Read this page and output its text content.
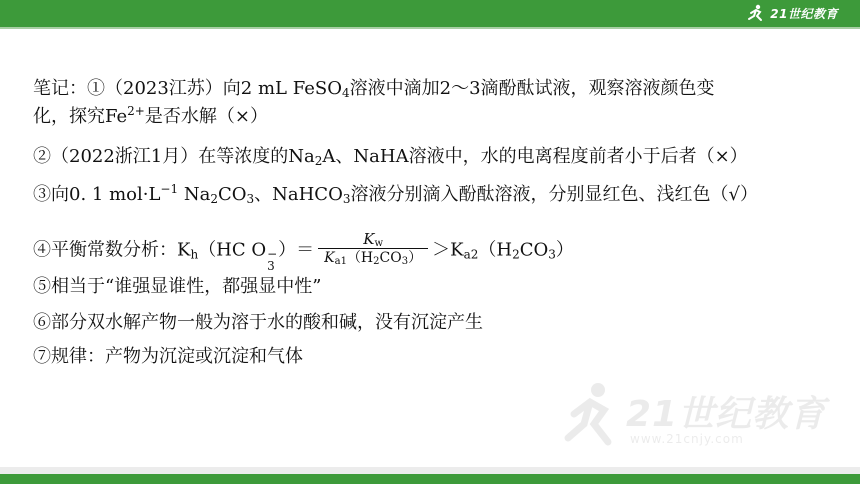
21世纪教育
21世纪教育
www.21cnjy.com
笔记：①（2023江苏）向2 mL FeSO$_4$溶液中滴加2～3滴酚酞试液，观察溶液颜色变
化，探究$Fe^{2+}$是否水解（×）
②（2022浙江1月）在等浓度的$Na_2A$、NaHA溶液中，水的电离程度前者小于后者（×）
③向0. 1 $mol\cdot L^{-1}$ $Na_2CO_3$、NaHCO$_3$溶液分别滴入酚酞溶液，分别显红色、浅红色（√）
④平衡常数分析：$K_h(HC$ O −
3
）＝ $\frac{K_w}{K_{a1}(H_2CO_3)} >K_{a2}(H_2CO_3)$
⑤相当于“谁强显谁性，都强显中性”
⑥部分双水解产物一般为溶于水的酸和碱，没有沉淀产生
⑦规律：产物为沉淀或沉淀和气体
